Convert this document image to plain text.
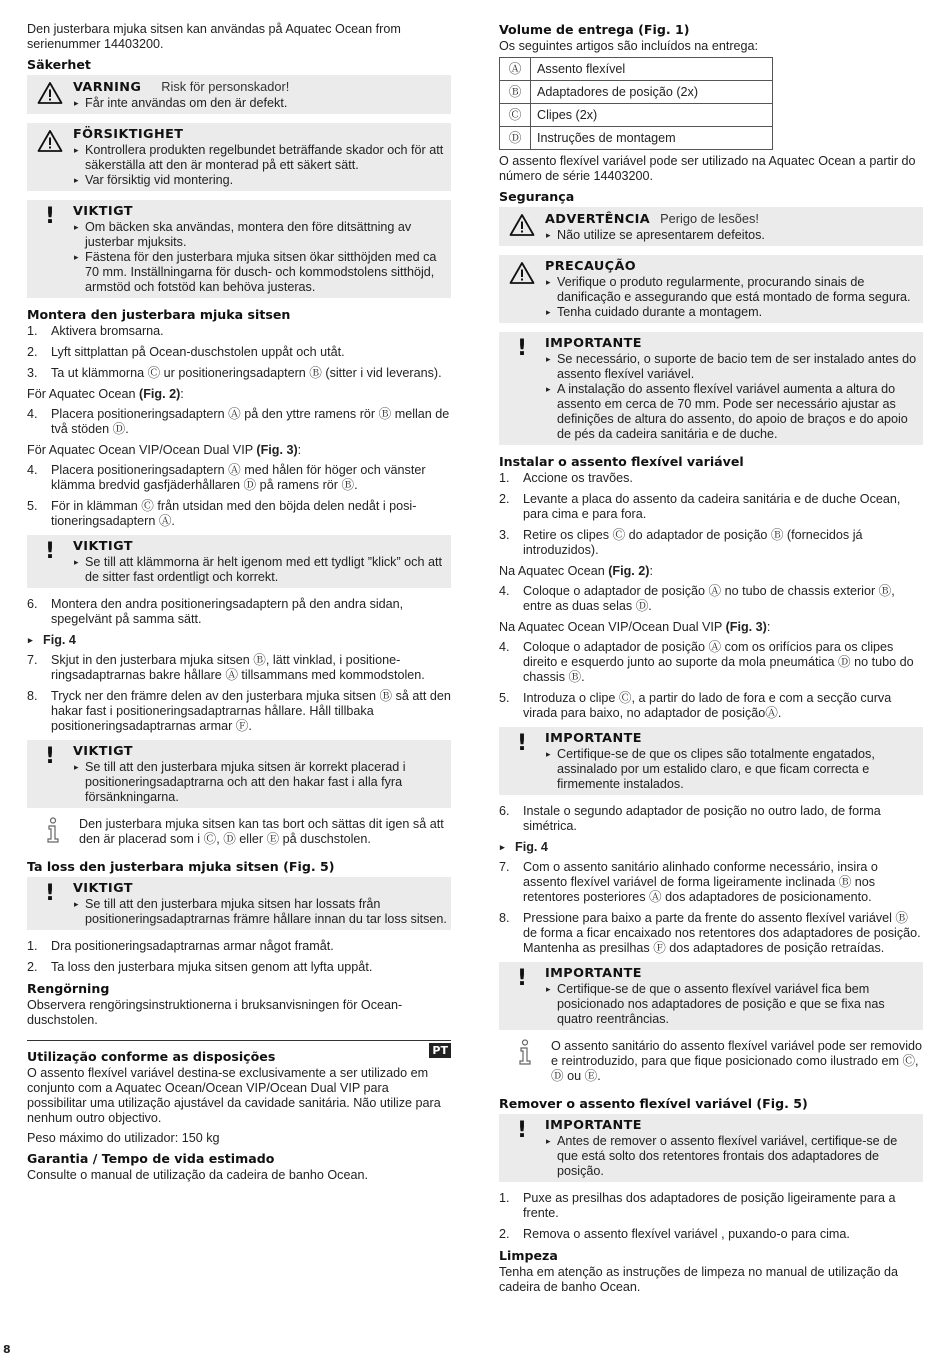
Den justerbara mjuka sitsen kan användas på Aquatec Ocean from serienummer 14403200.

Säkerhet
VARNING Risk för personskador!
▸ Får inte användas om den är defekt.
FÖRSIKTIGHET
▸ Kontrollera produkten regelbundet beträffande skador och för att säkerställa att den är monterad på ett säkert sätt.
▸ Var försiktig vid montering.
! VIKTIGT
▸ Om bäcken ska användas, montera den före ditsättning av justerbar mjuksits.
▸ Fästena för den justerbara mjuka sitsen ökar sitthöjden med ca 70 mm. Inställningarna för dusch- och kommodstolens sitthöjd, armstöd och fotstöd kan behöva justeras.
Montera den justerbara mjuka sitsen
1.	Aktivera bromsarna.
2.	Lyft sittplattan på Ocean-duschstolen uppåt och utåt.
3.	Ta ut klämmorna Ⓒ ur positioneringsadaptern Ⓑ (sitter i vid leverans).

För Aquatec Ocean (Fig. 2):

4.	Placera positioneringsadaptern Ⓐ på den yttre ramens rör Ⓑ mellan de två stöden Ⓓ.

För Aquatec Ocean VIP/Ocean Dual VIP (Fig. 3):

4.	Placera positioneringsadaptern Ⓐ med hålen för höger och vänster klämma bredvid gasfjäderhållaren Ⓓ på ramens rör Ⓑ.
5.	För in klämman Ⓒ från utsidan med den böjda delen nedåt i positioneringsadaptern Ⓐ.
! VIKTIGT
▸ Se till att klämmorna är helt igenom med ett tydligt ”klick” och att de sitter fast ordentligt och korrekt.
6.	Montera den andra positioneringsadaptern på den andra sidan, spegelvänt på samma sätt.

▸ Fig. 4

7.	Skjut in den justerbara mjuka sitsen Ⓑ, lätt vinklad, i positioneringsadaptrarnas bakre hållare Ⓐ tillsammans med kommodstolen.
8.	Tryck ner den främre delen av den justerbara mjuka sitsen Ⓑ så att den hakar fast i positioneringsadaptrarnas hållare. Håll tillbaka positioneringsadaptrarnas armar Ⓕ.
! VIKTIGT
▸ Se till att den justerbara mjuka sitsen är korrekt placerad i positioneringsadaptrarna och att den hakar fast i alla fyra försänkningarna.
Den justerbara mjuka sitsen kan tas bort och sättas dit igen så att den är placerad som i Ⓒ, Ⓓ eller Ⓔ på duschstolen.
Ta loss den justerbara mjuka sitsen (Fig. 5)
! VIKTIGT
▸ Se till att den justerbara mjuka sitsen har lossats från positioneringsadaptrarnas främre hållare innan du tar loss sitsen.
1.	Dra positioneringsadaptrarnas armar något framåt.
2.	Ta loss den justerbara mjuka sitsen genom att lyfta uppåt.
Rengörning

Observera rengöringsinstruktionerna i bruksanvisningen för Ocean-duschstolen.

PT
Utilização conforme as disposições

O assento flexível variável destina-se exclusivamente a ser utilizado em conjunto com a Aquatec Ocean/Ocean VIP/Ocean Dual VIP para possibilitar uma utilização ajustável da cavidade sanitária. Não utilize para nenhum outro objectivo.

Peso máximo do utilizador: 150 kg

Garantia / Tempo de vida estimado

Consulte o manual de utilização da cadeira de banho Ocean.

Volume de entrega (Fig. 1)

Os seguintes artigos são incluídos na entrega:

Ⓐ	Assento flexível
Ⓑ	Adaptadores de posição (2x)
Ⓒ	Clipes (2x)
Ⓓ	Instruções de montagem

O assento flexível variável pode ser utilizado na Aquatec Ocean a partir do número de série 14403200.

Segurança
ADVERTÊNCIA Perigo de lesões!
▸ Não utilize se apresentarem defeitos.
PRECAUÇÃO
▸ Verifique o produto regularmente, procurando sinais de danificação e assegurando que está montado de forma segura.
▸ Tenha cuidado durante a montagem.
! IMPORTANTE
▸ Se necessário, o suporte de bacio tem de ser instalado antes do assento flexível variável.
▸ A instalação do assento flexível variável aumenta a altura do assento em cerca de 70 mm. Pode ser necessário ajustar as definições de altura do assento, do apoio de braços e do apoio de pés da cadeira sanitária e de duche.
Instalar o assento flexível variável
1.	Accione os travões.
2.	Levante a placa do assento da cadeira sanitária e de duche Ocean, para cima e para fora.
3.	Retire os clipes Ⓒ do adaptador de posição Ⓑ (fornecidos já introduzidos).

Na Aquatec Ocean (Fig. 2):

4.	Coloque o adaptador de posição Ⓐ no tubo de chassis exterior Ⓑ, entre as duas selas Ⓓ.

Na Aquatec Ocean VIP/Ocean Dual VIP (Fig. 3):

4.	Coloque o adaptador de posição Ⓐ com os orifícios para os clipes direito e esquerdo junto ao suporte da mola pneumática Ⓓ no tubo do chassis Ⓑ.
5.	Introduza o clipe Ⓒ, a partir do lado de fora e com a secção curva virada para baixo, no adaptador de posiçãoⒶ.
! IMPORTANTE
▸ Certifique-se de que os clipes são totalmente engatados, assinalado por um estalido claro, e que ficam correcta e firmemente instalados.
6.	Instale o segundo adaptador de posição no outro lado, de forma simétrica.

▸ Fig. 4

7.	Com o assento sanitário alinhado conforme necessário, insira o assento flexível variável de forma ligeiramente inclinada Ⓑ nos retentores posteriores Ⓐ dos adaptadores de posicionamento.
8.	Pressione para baixo a parte da frente do assento flexível variável Ⓑ de forma a ficar encaixado nos retentores dos adaptadores de posição. Mantenha as presilhas Ⓕ dos adaptadores de posição retraídas.
! IMPORTANTE
▸ Certifique-se de que o assento flexível variável fica bem posicionado nos adaptadores de posição e que se fixa nas quatro reentrâncias.
O assento sanitário do assento flexível variável pode ser removido e reintroduzido, para que fique posicionado como ilustrado em Ⓒ, Ⓓ ou Ⓔ.
Remover o assento flexível variável (Fig. 5)
! IMPORTANTE
▸ Antes de remover o assento flexível variável, certifique-se de que está solto dos retentores frontais dos adaptadores de posição.
1.	Puxe as presilhas dos adaptadores de posição ligeiramente para a frente.
2.	Remova o assento flexível variável , puxando-o para cima.
Limpeza

Tenha em atenção as instruções de limpeza no manual de utilização da cadeira de banho Ocean.

8
